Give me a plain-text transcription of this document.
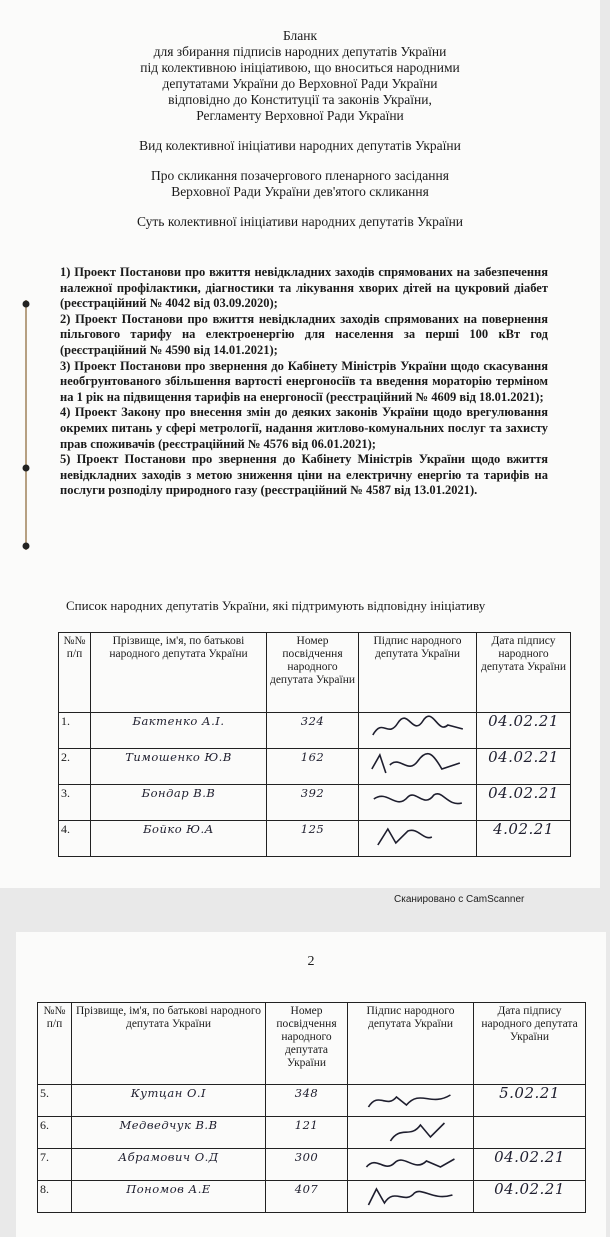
Бланк
для збирання підписів народних депутатів України
під колективною ініціативою, що вноситься народними
депутатами України до Верховної Ради України
відповідно до Конституції та законів України,
Регламенту Верховної Ради України
Вид колективної ініціативи народних депутатів України
Про скликання позачергового пленарного засідання
Верховної Ради України дев'ятого скликання
Суть колективної ініціативи народних депутатів України

1) Проект Постанови про вжиття невідкладних заходів спрямованих на забезпечення належної профілактики, діагностики та лікування хворих дітей на цукровий діабет (реєстраційний № 4042 від 03.09.2020);

2) Проект Постанови про вжиття невідкладних заходів спрямованих на повернення пільгового тарифу на електроенергію для населення за перші 100 кВт год (реєстраційний № 4590 від 14.01.2021);

3) Проект Постанови про звернення до Кабінету Міністрів України щодо скасування необгрунтованого збільшення вартості енергоносіїв та введення мораторію терміном на 1 рік на підвищення тарифів на енергоносії (реєстраційний № 4609 від 18.01.2021);

4) Проект Закону про внесення змін до деяких законів України щодо врегулювання окремих питань у сфері метрології, надання житлово-комунальних послуг та захисту прав споживачів (реєстраційний № 4576 від 06.01.2021);

5) Проект Постанови про звернення до Кабінету Міністрів України щодо вжиття невідкладних заходів з метою зниження ціни на електричну енергію та тарифів на послуги розподілу природного газу (реєстраційний № 4587 від 13.01.2021).

Список народних депутатів України, які підтримують відповідну ініціативу
№№ п/п	Прізвище, ім'я, по батькові народного депутата України	Номер посвідчення народного депутата України	Підпис народного депутата України	Дата підпису народного депутата України
1.	Бактенко А.І.	324		04.02.21
2.	Тимошенко Ю.В	162		04.02.21
3.	Бондар В.В	392		04.02.21
4.	Бойко Ю.А	125		4.02.21
Сканировано с CamScanner
2
№№ п/п	Прізвище, ім'я, по батькові народного депутата України	Номер посвідчення народного депутата України	Підпис народного депутата України	Дата підпису народного депутата України
5.	Кутцан О.І	348		5.02.21
6.	Медведчук В.В	121	

7.	Абрамович О.Д	300		04.02.21
8.	Пономов А.Е	407		04.02.21
